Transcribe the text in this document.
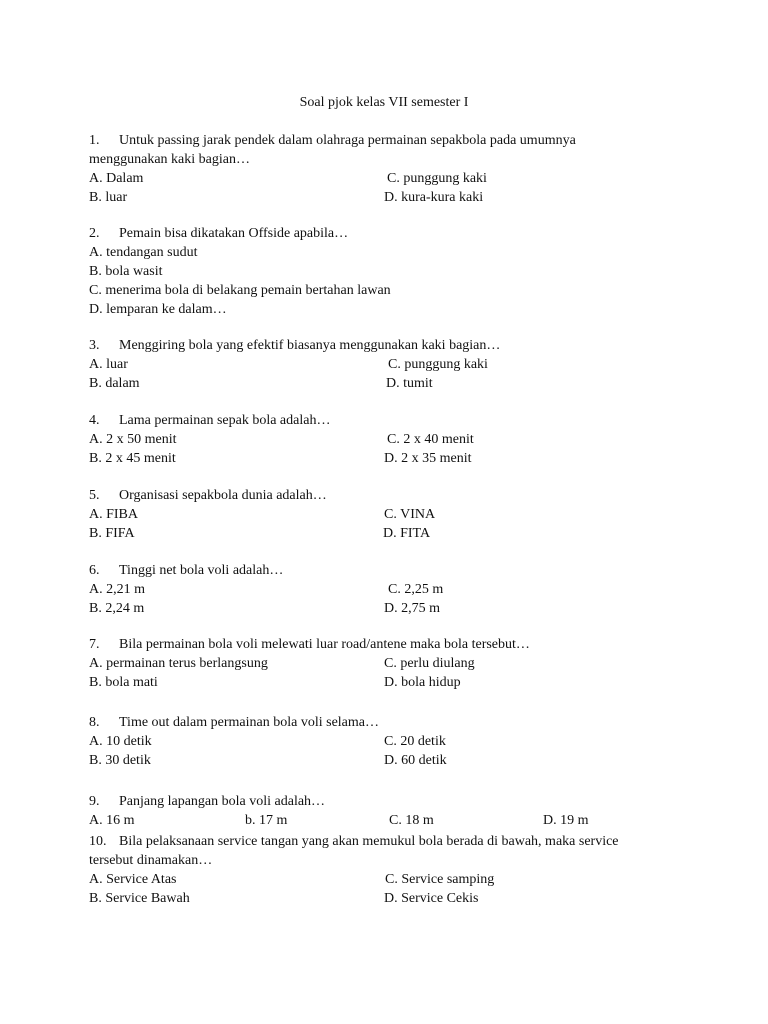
Soal pjok kelas VII semester I
1. Untuk passing jarak pendek dalam olahraga permainan sepakbola pada umumnya
menggunakan kaki bagian…
A. Dalam	C. punggung kaki
B. luar	D. kura-kura kaki
2. Pemain bisa dikatakan Offside apabila…
A. tendangan sudut
B. bola wasit
C. menerima bola di belakang pemain bertahan lawan
D. lemparan ke dalam…
3. Menggiring bola yang efektif biasanya menggunakan kaki bagian…
A. luar	C. punggung kaki
B. dalam	D. tumit
4. Lama permainan sepak bola adalah…
A. 2 x 50 menit	C. 2 x 40 menit
B. 2 x 45 menit	D. 2 x 35 menit
5. Organisasi sepakbola dunia adalah…
A. FIBA	C. VINA
B. FIFA	D. FITA
6. Tinggi net bola voli adalah…
A. 2,21 m	C. 2,25 m
B. 2,24 m	D. 2,75 m
7. Bila permainan bola voli melewati luar road/antene maka bola tersebut…
A. permainan terus berlangsung	C. perlu diulang
B. bola mati	D. bola hidup
8. Time out dalam permainan bola voli selama…
A. 10 detik	C. 20 detik
B. 30 detik	D. 60 detik
9. Panjang lapangan bola voli adalah…
A. 16 m	b. 17 m	C. 18 m	D. 19 m
10. Bila pelaksanaan service tangan yang akan memukul bola berada di bawah, maka service
tersebut dinamakan…
A. Service Atas	C. Service samping
B. Service Bawah	D. Service Cekis
